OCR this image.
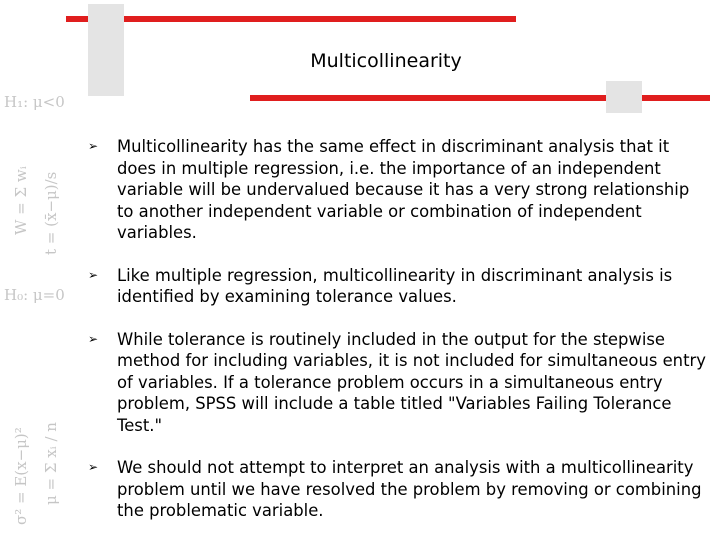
H₁: μ<0
H₀: μ=0
W = Σ wᵢ
σ² = E(x−μ)²
t = (x̄−μ)/s
μ = Σ xᵢ / n
Multicollinearity
➢	Multicollinearity has the same effect in discriminant analysis that it does in multiple regression, i.e. the importance of an independent variable will be undervalued because it has a very strong relationship to another independent variable or combination of independent variables.
➢	Like multiple regression, multicollinearity in discriminant analysis is identified by examining tolerance values.
➢	While tolerance is routinely included in the output for the stepwise method for including variables, it is not included for simultaneous entry of variables. If a tolerance problem occurs in a simultaneous entry problem, SPSS will include a table titled "Variables Failing Tolerance Test."
➢	We should not attempt to interpret an analysis with a multicollinearity problem until we have resolved the problem by removing or combining the problematic variable.
